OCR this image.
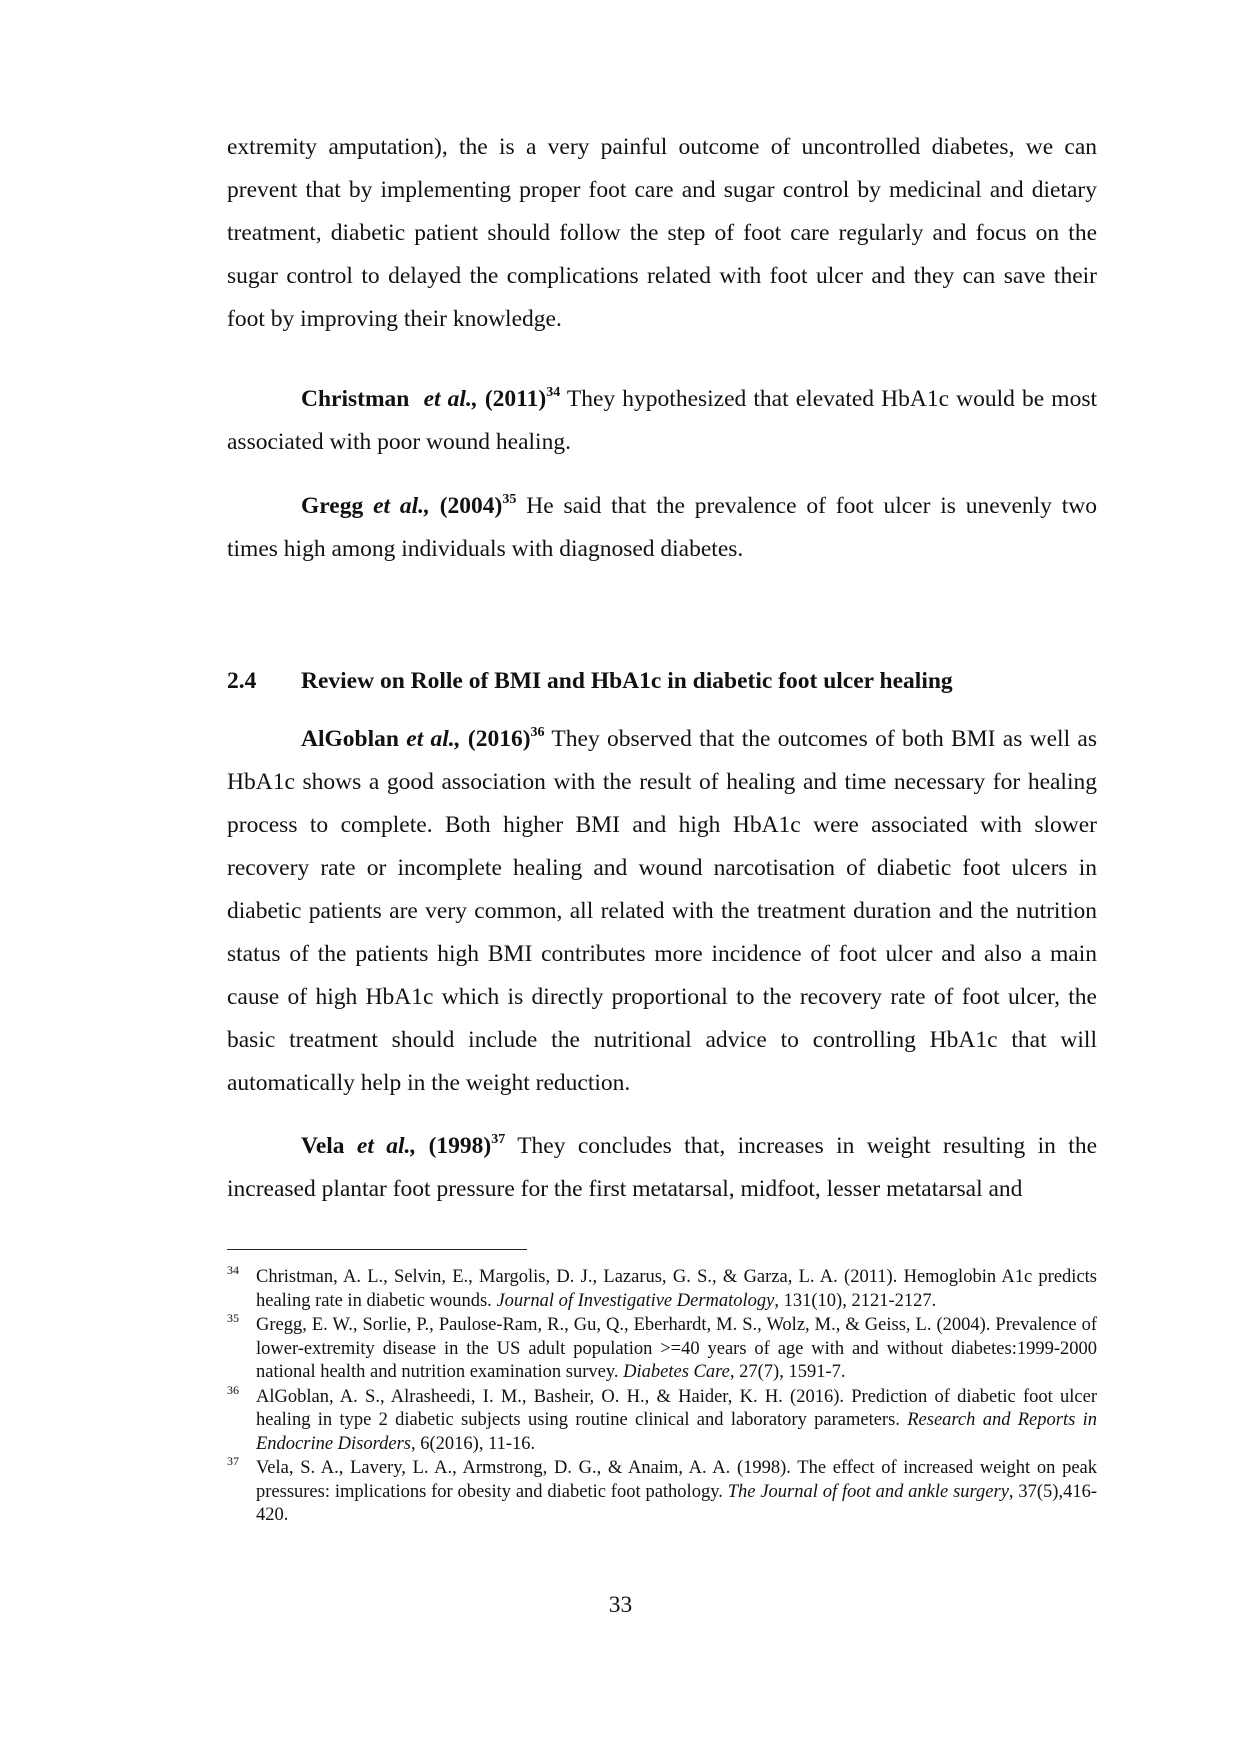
extremity amputation), the is a very painful outcome of uncontrolled diabetes, we can prevent that by implementing proper foot care and sugar control by medicinal and dietary treatment, diabetic patient should follow the step of foot care regularly and focus on the sugar control to delayed the complications related with foot ulcer and they can save their foot by improving their knowledge.

Christman et al., $(2011)^{34}$ They hypothesized that elevated HbA1c would be most associated with poor wound healing.

Gregg et al., $(2004)^{35}$ He said that the prevalence of foot ulcer is unevenly two times high among individuals with diagnosed diabetes.

2.4 Review on Rolle of BMI and HbA1c in diabetic foot ulcer healing

AlGoblan et al., $(2016)^{36}$ They observed that the outcomes of both BMI as well as HbA1c shows a good association with the result of healing and time necessary for healing process to complete. Both higher BMI and high HbA1c were associated with slower recovery rate or incomplete healing and wound narcotisation of diabetic foot ulcers in diabetic patients are very common, all related with the treatment duration and the nutrition status of the patients high BMI contributes more incidence of foot ulcer and also a main cause of high HbA1c which is directly proportional to the recovery rate of foot ulcer, the basic treatment should include the nutritional advice to controlling HbA1c that will automatically help in the weight reduction.

Vela et al., $(1998)^{37}$ They concludes that, increases in weight resulting in the increased plantar foot pressure for the first metatarsal, midfoot, lesser metatarsal and

34 Christman, A. L., Selvin, E., Margolis, D. J., Lazarus, G. S., & Garza, L. A. (2011). Hemoglobin A1c predicts healing rate in diabetic wounds. Journal of Investigative Dermatology, 131(10), 2121-2127.
35 Gregg, E. W., Sorlie, P., Paulose-Ram, R., Gu, Q., Eberhardt, M. S., Wolz, M., & Geiss, L. (2004). Prevalence of lower-extremity disease in the US adult population >=40 years of age with and without diabetes:1999-2000 national health and nutrition examination survey. Diabetes Care, 27(7), 1591-7.
36 AlGoblan, A. S., Alrasheedi, I. M., Basheir, O. H., & Haider, K. H. (2016). Prediction of diabetic foot ulcer healing in type 2 diabetic subjects using routine clinical and laboratory parameters. Research and Reports in Endocrine Disorders, 6(2016), 11-16.
37 Vela, S. A., Lavery, L. A., Armstrong, D. G., & Anaim, A. A. (1998). The effect of increased weight on peak pressures: implications for obesity and diabetic foot pathology. The Journal of foot and ankle surgery, 37(5),416-420.
33
